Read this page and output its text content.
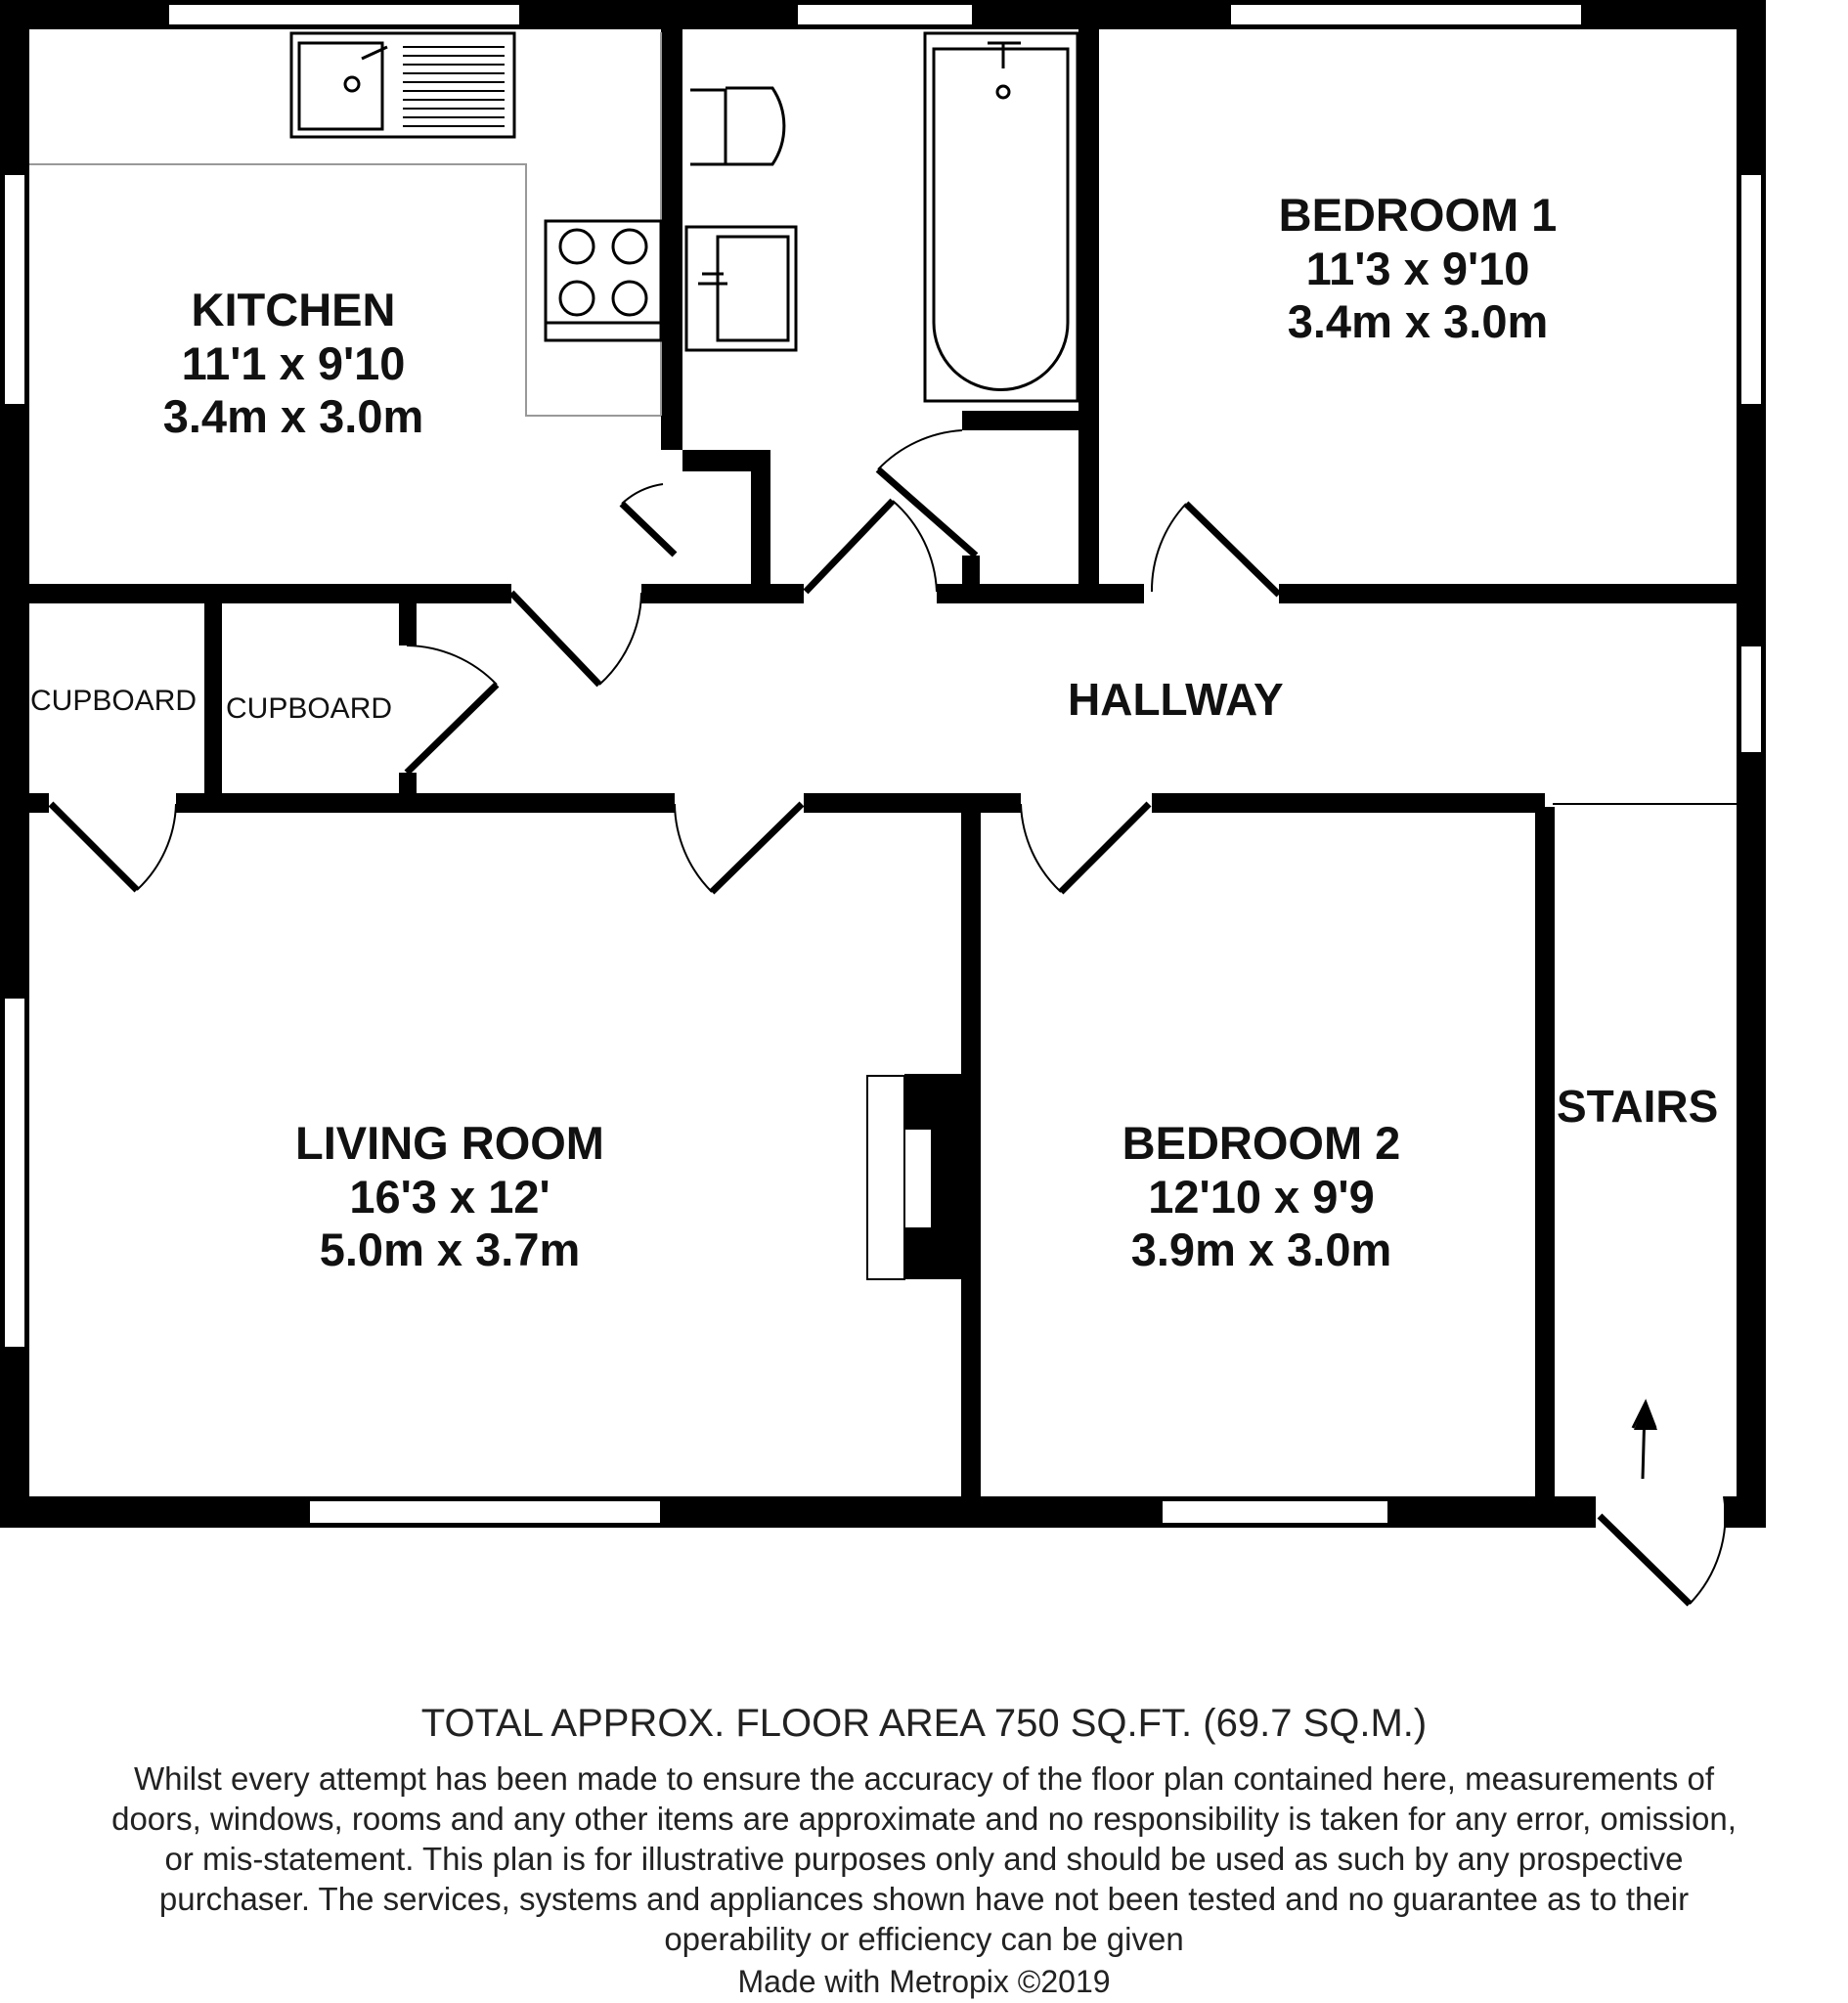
KITCHEN
11'1 x 9'10
3.4m x 3.0m
BEDROOM 1
11'3 x 9'10
3.4m x 3.0m
LIVING ROOM
16'3 x 12'
5.0m x 3.7m
BEDROOM 2
12'10 x 9'9
3.9m x 3.0m
HALLWAY
STAIRS
CUPBOARD CUPBOARD
TOTAL APPROX. FLOOR AREA 750 SQ.FT. (69.7 SQ.M.)
Whilst every attempt has been made to ensure the accuracy of the floor plan contained here, measurements of doors, windows, rooms and any other items are approximate and no responsibility is taken for any error, omission, or mis-statement. This plan is for illustrative purposes only and should be used as such by any prospective purchaser. The services, systems and appliances shown have not been tested and no guarantee as to their operability or efficiency can be given
Made with Metropix ©2019
